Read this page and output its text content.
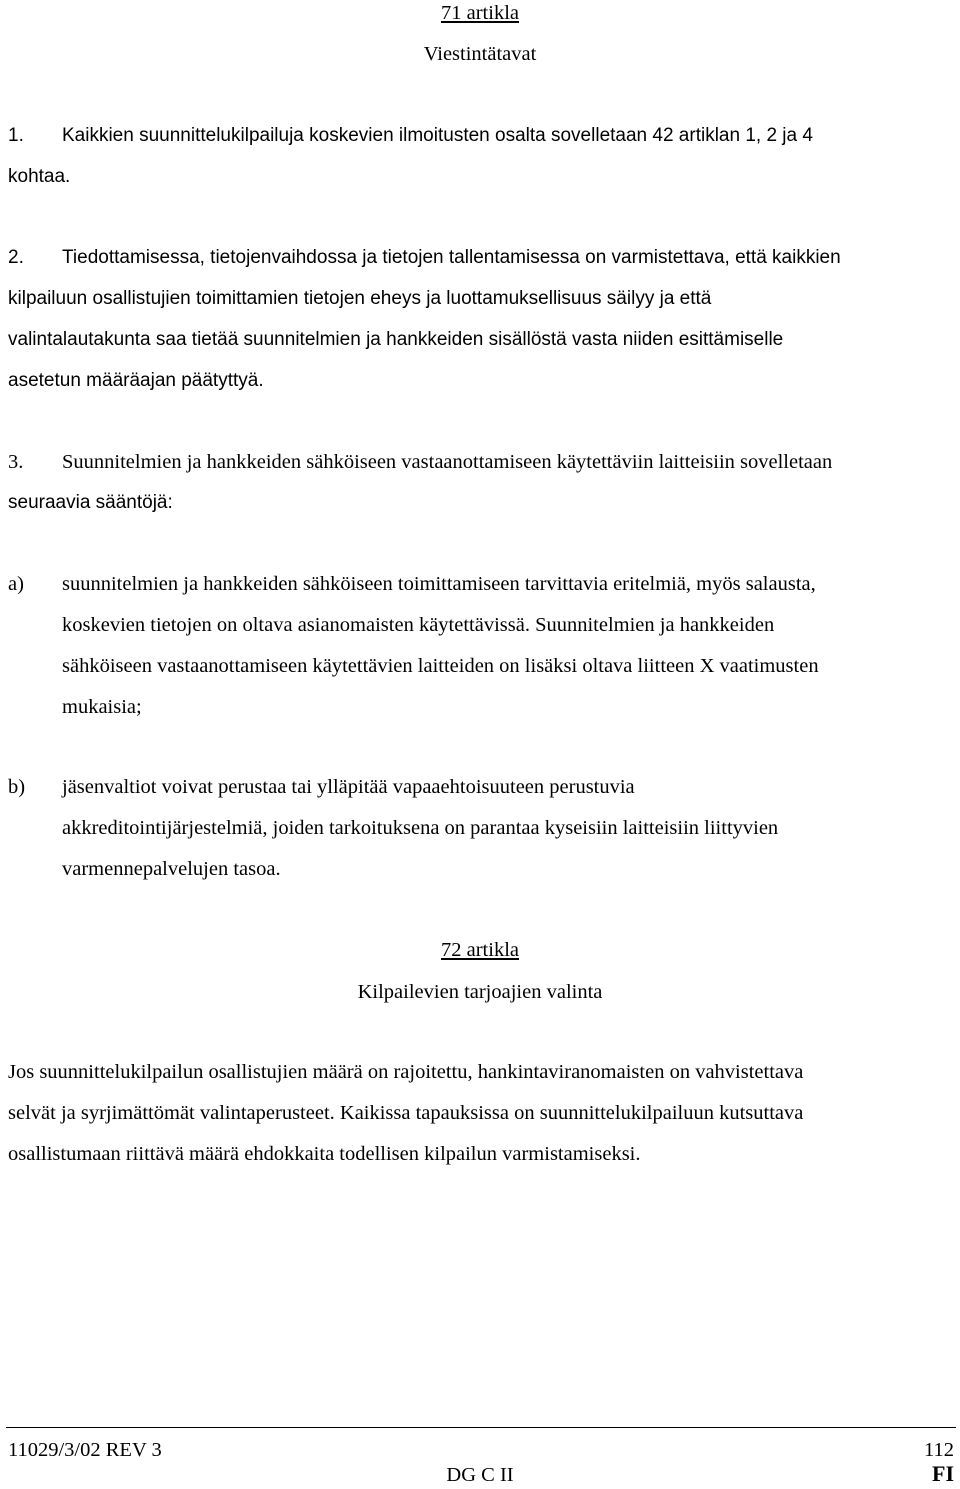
71 artikla
Viestintätavat
1. Kaikkien suunnittelukilpailuja koskevien ilmoitusten osalta sovelletaan 42 artiklan 1, 2 ja 4
kohtaa.
2. Tiedottamisessa, tietojenvaihdossa ja tietojen tallentamisessa on varmistettava, että kaikkien
kilpailuun osallistujien toimittamien tietojen eheys ja luottamuksellisuus säilyy ja että
valintalautakunta saa tietää suunnitelmien ja hankkeiden sisällöstä vasta niiden esittämiselle
asetetun määräajan päätyttyä.
3. Suunnitelmien ja hankkeiden sähköiseen vastaanottamiseen käytettäviin laitteisiin sovelletaan
seuraavia sääntöjä:
a) suunnitelmien ja hankkeiden sähköiseen toimittamiseen tarvittavia eritelmiä, myös salausta,
koskevien tietojen on oltava asianomaisten käytettävissä. Suunnitelmien ja hankkeiden
sähköiseen vastaanottamiseen käytettävien laitteiden on lisäksi oltava liitteen X vaatimusten
mukaisia;
b) jäsenvaltiot voivat perustaa tai ylläpitää vapaaehtoisuuteen perustuvia
akkreditointijärjestelmiä, joiden tarkoituksena on parantaa kyseisiin laitteisiin liittyvien
varmennepalvelujen tasoa.
72 artikla
Kilpailevien tarjoajien valinta
Jos suunnittelukilpailun osallistujien määrä on rajoitettu, hankintaviranomaisten on vahvistettava
selvät ja syrjimättömät valintaperusteet. Kaikissa tapauksissa on suunnittelukilpailuun kutsuttava
osallistumaan riittävä määrä ehdokkaita todellisen kilpailun varmistamiseksi.
11029/3/02 REV 3	112
DG C II	FI
